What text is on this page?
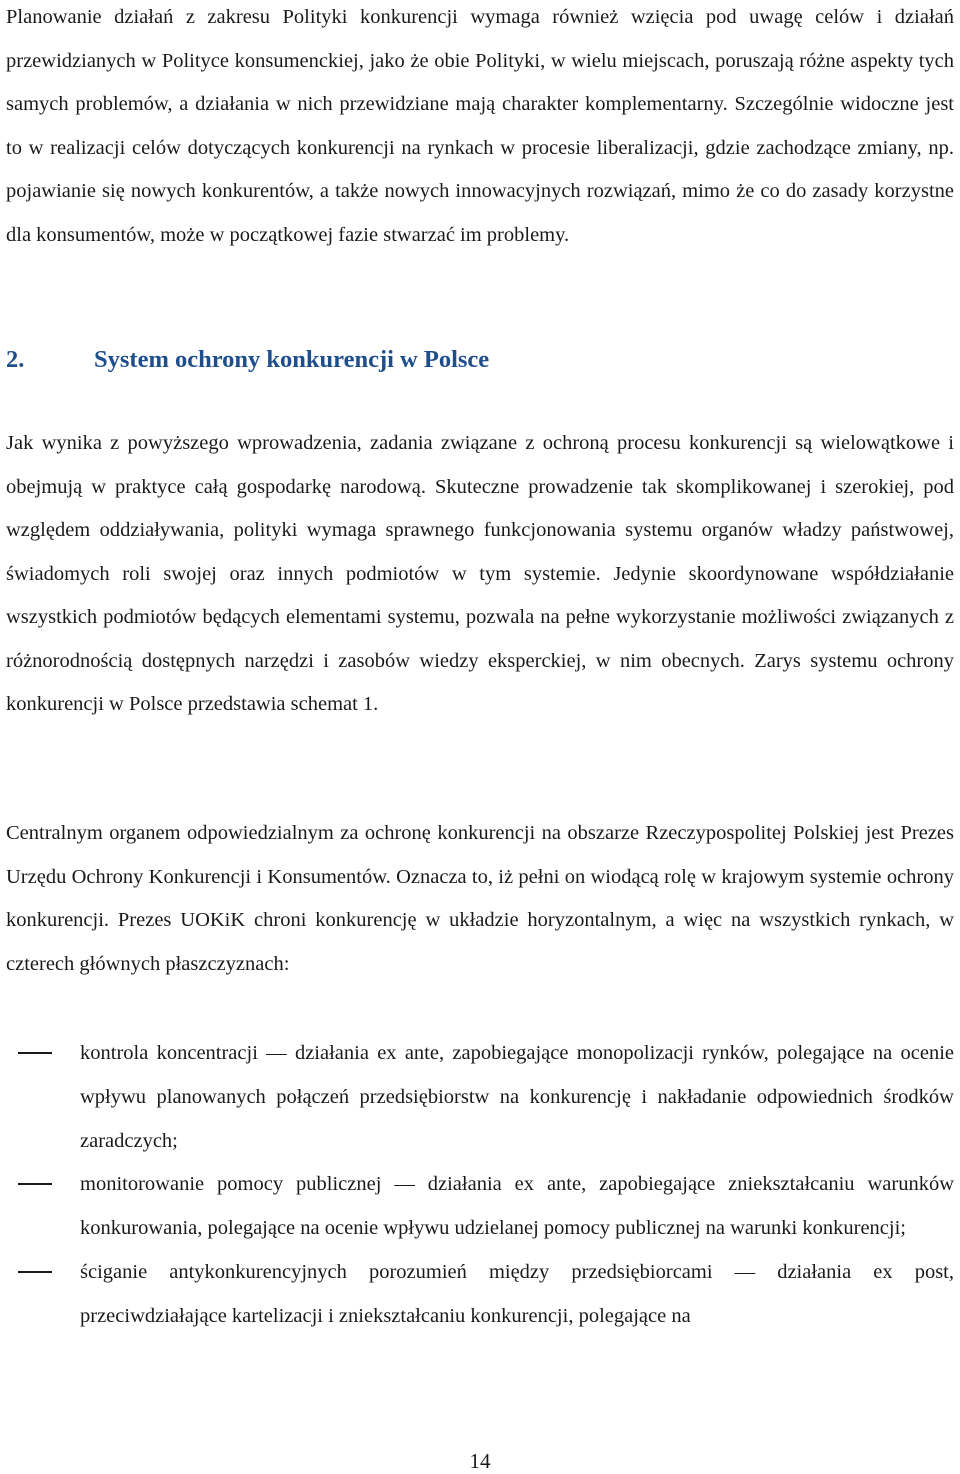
Planowanie działań z zakresu Polityki konkurencji wymaga również wzięcia pod uwagę celów i działań przewidzianych w Polityce konsumenckiej, jako że obie Polityki, w wielu miejscach, poruszają różne aspekty tych samych problemów, a działania w nich przewidziane mają charakter komplementarny. Szczególnie widoczne jest to w realizacji celów dotyczących konkurencji na rynkach w procesie liberalizacji, gdzie zachodzące zmiany, np. pojawianie się nowych konkurentów, a także nowych innowacyjnych rozwiązań, mimo że co do zasady korzystne dla konsumentów, może w początkowej fazie stwarzać im problemy.

2.	System ochrony konkurencji w Polsce

Jak wynika z powyższego wprowadzenia, zadania związane z ochroną procesu konkurencji są wielowątkowe i obejmują w praktyce całą gospodarkę narodową. Skuteczne prowadzenie tak skomplikowanej i szerokiej, pod względem oddziaływania, polityki wymaga sprawnego funkcjonowania systemu organów władzy państwowej, świadomych roli swojej oraz innych podmiotów w tym systemie. Jedynie skoordynowane współdziałanie wszystkich podmiotów będących elementami systemu, pozwala na pełne wykorzystanie możliwości związanych z różnorodnością dostępnych narzędzi i zasobów wiedzy eksperckiej, w nim obecnych. Zarys systemu ochrony konkurencji w Polsce przedstawia schemat 1.

Centralnym organem odpowiedzialnym za ochronę konkurencji na obszarze Rzeczypospolitej Polskiej jest Prezes Urzędu Ochrony Konkurencji i Konsumentów. Oznacza to, iż pełni on wiodącą rolę w krajowym systemie ochrony konkurencji. Prezes UOKiK chroni konkurencję w układzie horyzontalnym, a więc na wszystkich rynkach, w czterech głównych płaszczyznach:

kontrola koncentracji — działania ex ante, zapobiegające monopolizacji rynków, polegające na ocenie wpływu planowanych połączeń przedsiębiorstw na konkurencję i nakładanie odpowiednich środków zaradczych;
monitorowanie pomocy publicznej — działania ex ante, zapobiegające zniekształcaniu warunków konkurowania, polegające na ocenie wpływu udzielanej pomocy publicznej na warunki konkurencji;
ściganie antykonkurencyjnych porozumień między przedsiębiorcami — działania ex post, przeciwdziałające kartelizacji i zniekształcaniu konkurencji, polegające na
14
